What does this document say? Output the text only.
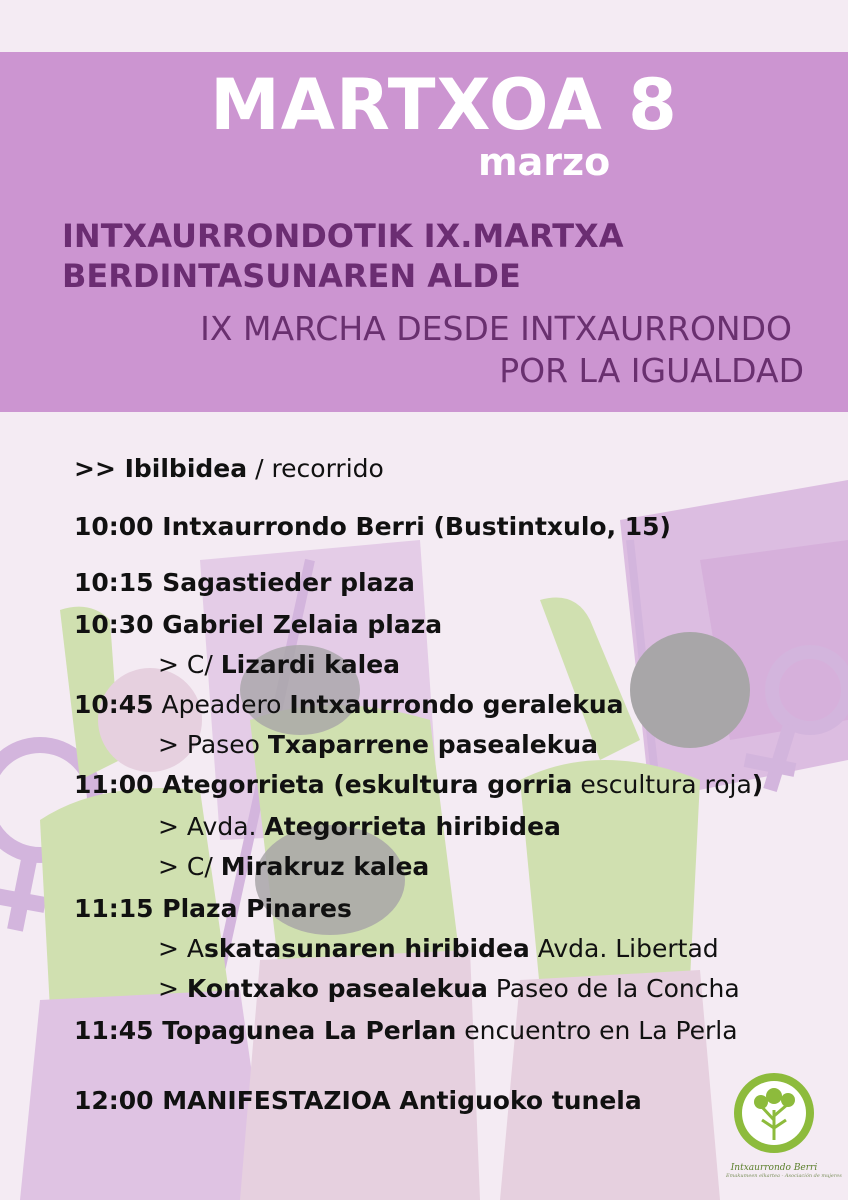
MARTXOA 8
marzo
INTXAURRONDOTIK IX.MARTXA
BERDINTASUNAREN ALDE
IX MARCHA DESDE INTXAURRONDO
POR LA IGUALDAD
>> Ibilbidea / recorrido
10:00 Intxaurrondo Berri (Bustintxulo, 15)
10:15 Sagastieder plaza
10:30 Gabriel Zelaia plaza
> C/ Lizardi kalea
10:45 Apeadero Intxaurrondo geralekua
> Paseo Txaparrene pasealekua
11:00 Ategorrieta (eskultura gorria escultura roja)
> Avda. Ategorrieta hiribidea
> C/ Mirakruz kalea
11:15 Plaza Pinares
> Askatasunaren hiribidea Avda. Libertad
> Kontxako pasealekua Paseo de la Concha
11:45 Topagunea La Perlan encuentro en La Perla
12:00 MANIFESTAZIOA Antiguoko tunela
Intxaurrondo Berri
Emakumeen elkartea - Asociación de mujeres
